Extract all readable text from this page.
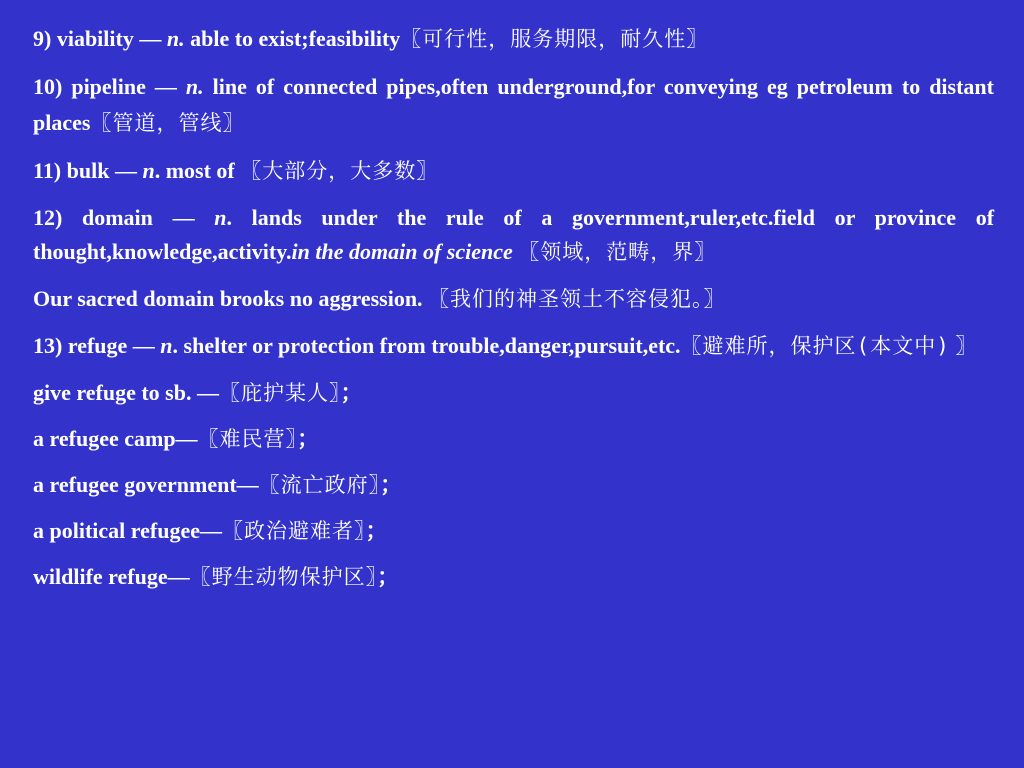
9) viability — n. able to exist;feasibility〖可行性，服务期限，耐久性〗

10) pipeline — n. line of connected pipes,often underground,for conveying eg petroleum to distant places〖管道，管线〗

11) bulk — n. most of 〖大部分，大多数〗

12) domain — n. lands under the rule of a government,ruler,etc.field or province of thought,knowledge,activity.in the domain of science 〖领域，范畴，界〗

Our sacred domain brooks no aggression. 〖我们的神圣领土不容侵犯。〗

13) refuge — n. shelter or protection from trouble,danger,pursuit,etc.〖避难所，保护区(本文中) 〗

give refuge to sb. —〖庇护某人〗；

a refugee camp—〖难民营〗；

a refugee government—〖流亡政府〗；

a political refugee—〖政治避难者〗；

wildlife refuge—〖野生动物保护区〗；
